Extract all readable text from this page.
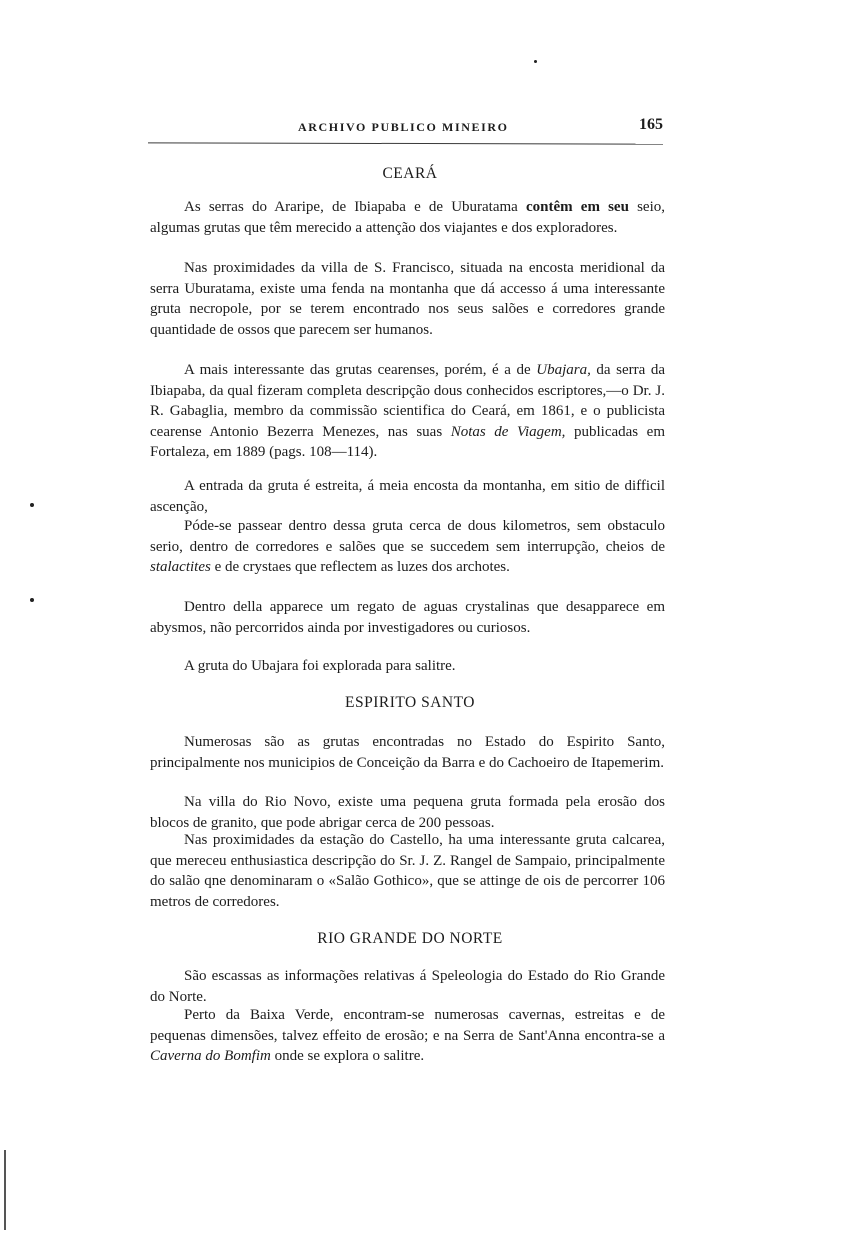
ARCHIVO PUBLICO MINEIRO	165
CEARÁ
As serras do Araripe, de Ibiapaba e de Uburatama contêm em seu seio, algumas grutas que têm merecido a attenção dos viajantes e dos exploradores.
Nas proximidades da villa de S. Francisco, situada na encosta meridional da serra Uburatama, existe uma fenda na montanha que dá accesso á uma interessante gruta necropole, por se terem encontrado nos seus salões e corredores grande quantidade de ossos que parecem ser humanos.
A mais interessante das grutas cearenses, porém, é a de Ubajara, da serra da Ibiapaba, da qual fizeram completa descripção dous conhecidos escriptores,—o Dr. J. R. Gabaglia, membro da commissão scientifica do Ceará, em 1861, e o publicista cearense Antonio Bezerra Menezes, nas suas Notas de Viagem, publicadas em Fortaleza, em 1889 (pags. 108—114).
A entrada da gruta é estreita, á meia encosta da montanha, em sitio de difficil ascenção,
Póde-se passear dentro dessa gruta cerca de dous kilometros, sem obstaculo serio, dentro de corredores e salões que se succedem sem interrupção, cheios de stalactites e de crystaes que reflectem as luzes dos archotes.
Dentro della apparece um regato de aguas crystalinas que desapparece em abysmos, não percorridos ainda por investigadores ou curiosos.
A gruta do Ubajara foi explorada para salitre.
ESPIRITO SANTO
Numerosas são as grutas encontradas no Estado do Espirito Santo, principalmente nos municipios de Conceição da Barra e do Cachoeiro de Itapemerim.
Na villa do Rio Novo, existe uma pequena gruta formada pela erosão dos blocos de granito, que pode abrigar cerca de 200 pessoas.
Nas proximidades da estação do Castello, ha uma interessante gruta calcarea, que mereceu enthusiastica descripção do Sr. J. Z. Rangel de Sampaio, principalmente do salão qne denominaram o «Salão Gothico», que se attinge de ois de percorrer 106 metros de corredores.
RIO GRANDE DO NORTE
São escassas as informações relativas á Speleologia do Estado do Rio Grande do Norte.
Perto da Baixa Verde, encontram-se numerosas cavernas, estreitas e de pequenas dimensões, talvez effeito de erosão; e na Serra de Sant'Anna encontra-se a Caverna do Bomfim onde se explora o salitre.
